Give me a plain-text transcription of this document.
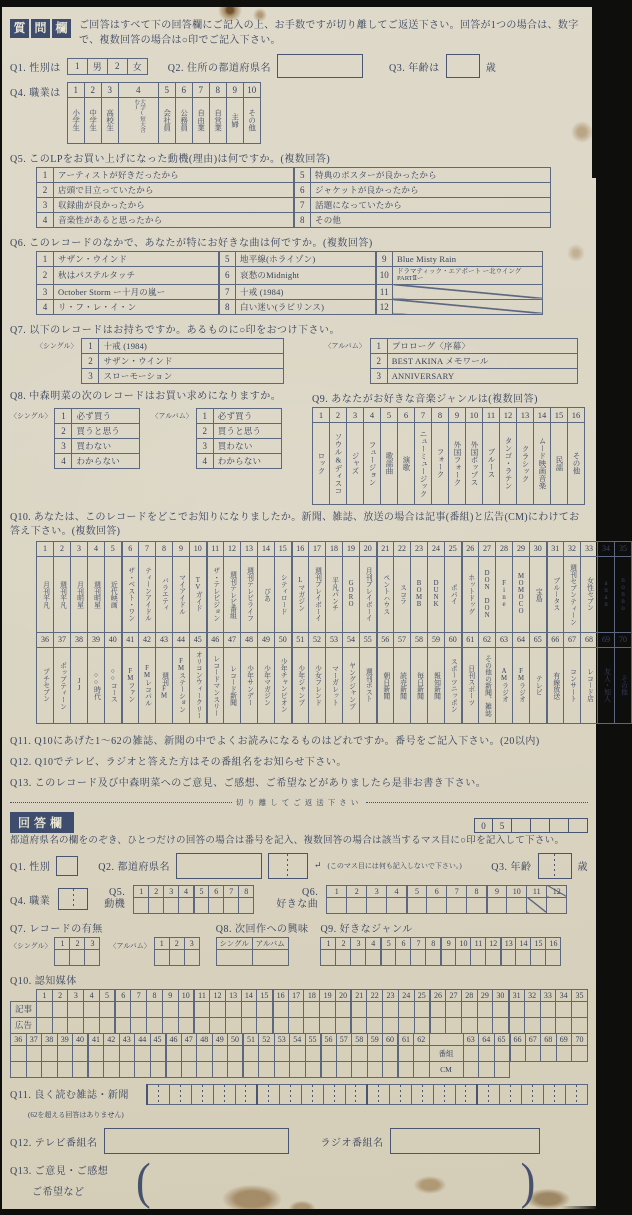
質 問 欄	ご回答はすべて下の回答欄にご記入の上、お手数ですが切り離してご返送下さい。回答が1つの場合は、数字で、複数回答の場合は○印でご記入下さい。

Q1. 性別は 1	男	2	女	Q2. 住所の都道府県名	Q3. 年齢は	歳
Q4. 職業は 1	2	3	4	5	6	7	8	9	10

小学生	中学生	高校生	大学(短大含む)	会社員	公務員	自由業	自営業	主婦	その他

Q5. このLPをお買い上げになった動機(理由)は何ですか。(複数回答)

1	アーティストが好きだったから	5	特典のポスターが良かったから
2	店頭で目立っていたから	6	ジャケットが良かったから
3	収録曲が良かったから	7	話題になっていたから
4	音楽性があると思ったから	8	その他

Q6. このレコードのなかで、あなたが特にお好きな曲は何ですか。(複数回答)

1	サザン・ウインド	5	地平線(ホライゾン)	9	Blue Misty Rain
2	秋はパステルタッチ	6	哀愁のMidnight	10	ドラマティック・エアポート ー北ウイングPARTⅡー
3	October Storm ー十月の嵐ー	7	十戒 (1984)	11	
4	リ・フ・レ・イ・ン	8	白い迷い(ラビリンス)	12	

Q7. 以下のレコードはお持ちですか。あるものに○印をおつけ下さい。

〈シングル〉 1	十戒 (1984)
2	サザン・ウインド
3	スローモーション
〈アルバム〉 1	プロローグ〈序幕〉
2	BEST AKINA メモワール
3	ANNIVERSARY

Q8. 中森明菜の次のレコードはお買い求めになりますか。

〈シングル〉 1	必ず買う
2	買うと思う
3	買わない
4	わからない
〈アルバム〉 1	必ず買う
2	買うと思う
3	買わない
4	わからない

Q9. あなたがお好きな音楽ジャンルは(複数回答)

1	2	3	4	5	6	7	8	9	10	11	12	13	14	15	16

ロック	ソウル&ディスコ	ジャズ	フュージョン	歌謡曲	演歌	ニューミュージック	フォーク	外国フォーク	外国ポップス	ブルース	タンゴ・ラテン	クラシック	ムード映画音楽	民謡	その他

Q10. あなたは、このレコードをどこでお知りになりましたか。新聞、雑誌、放送の場合は記事(番組)と広告(CM)にわけてお答え下さい。(複数回答)

1	2	3	4	5	6	7	8	9	10	11	12	13	14	15	16	17	18	19	20	21	22	23	24	25	26	27	28	29	30	31	32	33	34	35

月刊平凡	週刊平凡	月刊明星	週刊明星	近代映画	ザ・ベスト・ワン	ティーンアイドル	バラエティ	マイアイドル	TVガイド	ザ・テレビジョン	週刊テレビ番組	週刊テレビライフ	ぴあ	シティロード	Lマガジン	週刊プレイボーイ	平凡パンチ	GORO	月刊プレイボーイ	ペントハウス	スコラ	BOMB	DUNK	ポパイ	ホットドッグ	DON DON	Fine	MOMOCO	宝島	ブルータス	週刊セブンティーン	女性セブン	anan	nonno
36	37	38	39	40	41	42	43	44	45	46	47	48	49	50	51	52	53	54	55	56	57	58	59	60	61	62	63	64	65	66	67	68	69	70

プチセブン	ポップティーン	JJ	○○時代	○○コース	FMファン	FMレコパル	週刊FM	FMステーション	オリコンウィークリー	レコードマンスリー	レコード新聞	少年サンデー	少年マガジン	少年チャンピオン	少年ジャンプ	少女フレンド	マーガレット	ヤングジャンプ	週刊ポスト	朝日新聞	読売新聞	毎日新聞	報知新聞	スポーツニッポン	日刊スポーツ	その他の新聞、雑誌	AMラジオ	FMラジオ	テレビ	有線放送	コンサート	レコード店	友人・知人	その他

Q11. Q10にあげた1〜62の雑誌、新聞の中でよくお読みになるものはどれですか。番号をご記入下さい。(20以内)

Q12. Q10でテレビ、ラジオと答えた方はその番組名をお知らせ下さい。

Q13. このレコード及び中森明菜へのご意見、ご感想、ご希望などがありましたら是非お書き下さい。

切り離してご返送下さい
回答欄	0	5

都道府県名の欄をのぞき、ひとつだけの回答の場合は番号を記入、複数回答の場合は該当するマス目に○印を記入して下さい。

Q1. 性別	Q2. 都道府県名	↵ (このマス目には何も記入しないで下さい。)	Q3. 年齢	歳
Q4. 職業
Q5.
動機
1	2	3	4	5	6	7	8
								Q6.
好きな曲
1	2	3	4	5	6	7	8	9	10	11	12

Q7. レコードの有無

〈シングル〉 1	2	3
		〈アルバム〉 1	2	3

Q8. 次回作への興味

シングル	アルバム

Q9. 好きなジャンル

1	2	3	4	5	6	7	8	9	10	11	12	13	14	15	16

Q10. 認知媒体

	1	2	3	4	5	6	7	8	9	10	11	12	13	14	15	16	17	18	19	20	21	22	23	24	25	26	27	28	29	30	31	32	33	34	35
記事																																			
広告																																			
36	37	38	39	40	41	42	43	44	45	46	47	48	49	50	51	52	53	54	55	56	57	58	59	60	61	62		63	64	65	66	67	68	69	70
																											番組								
																											CM								
Q11. 良く読む雑誌・新聞
(62を超える回答はありません)

Q12. テレビ番組名	ラジオ番組名
Q13. ご意見・ご感想
ご希望など	(	)
